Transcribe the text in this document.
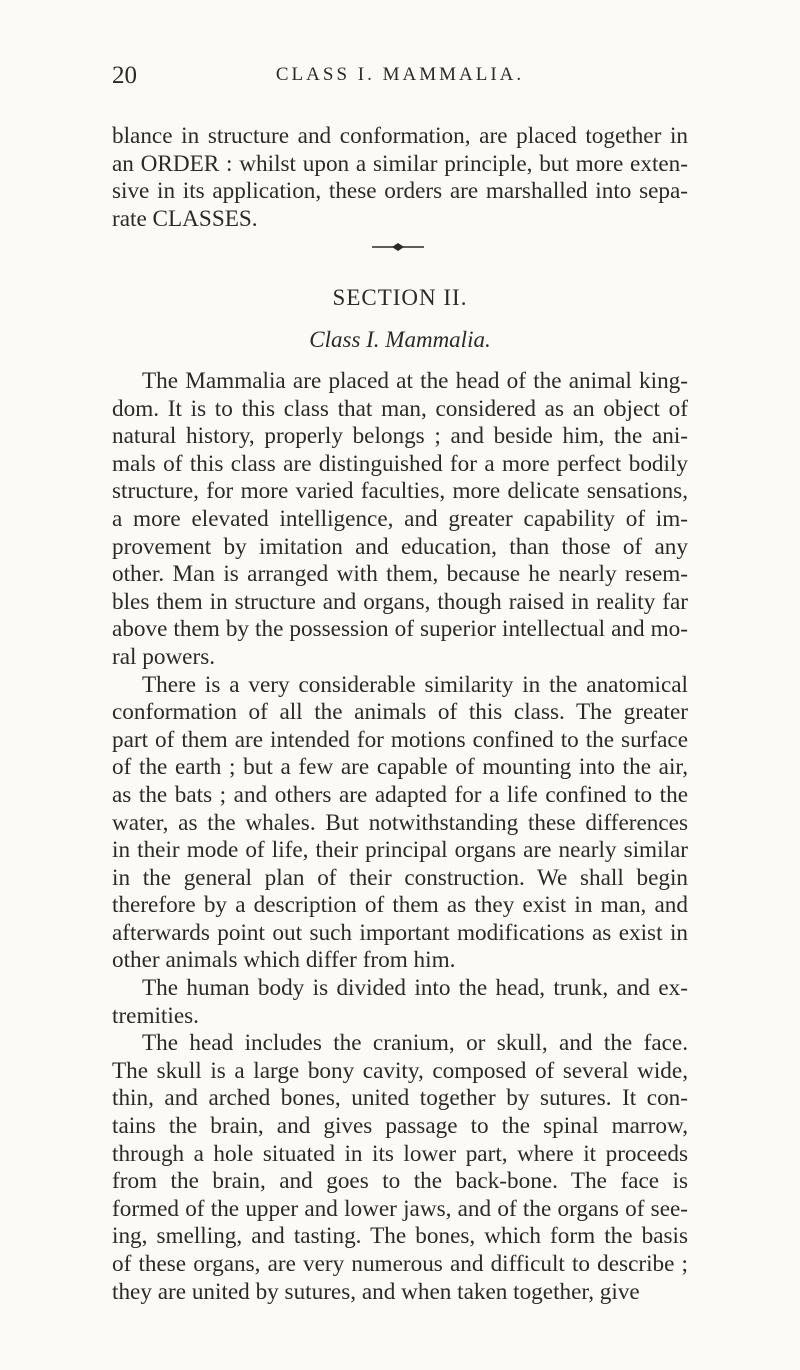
20	CLASS I. MAMMALIA.

blance in structure and conformation, are placed together in
an ORDER : whilst upon a similar principle, but more exten-
sive in its application, these orders are marshalled into sepa-
rate CLASSES.

SECTION II.
Class I. Mammalia.

The Mammalia are placed at the head of the animal king-
dom. It is to this class that man, considered as an object of
natural history, properly belongs ; and beside him, the ani-
mals of this class are distinguished for a more perfect bodily
structure, for more varied faculties, more delicate sensations,
a more elevated intelligence, and greater capability of im-
provement by imitation and education, than those of any
other. Man is arranged with them, because he nearly resem-
bles them in structure and organs, though raised in reality far
above them by the possession of superior intellectual and mo-
ral powers.

There is a very considerable similarity in the anatomical
conformation of all the animals of this class. The greater
part of them are intended for motions confined to the surface
of the earth ; but a few are capable of mounting into the air,
as the bats ; and others are adapted for a life confined to the
water, as the whales. But notwithstanding these differences
in their mode of life, their principal organs are nearly similar
in the general plan of their construction. We shall begin
therefore by a description of them as they exist in man, and
afterwards point out such important modifications as exist in
other animals which differ from him.

The human body is divided into the head, trunk, and ex-
tremities.

The head includes the cranium, or skull, and the face.
The skull is a large bony cavity, composed of several wide,
thin, and arched bones, united together by sutures. It con-
tains the brain, and gives passage to the spinal marrow,
through a hole situated in its lower part, where it proceeds
from the brain, and goes to the back-bone. The face is
formed of the upper and lower jaws, and of the organs of see-
ing, smelling, and tasting. The bones, which form the basis
of these organs, are very numerous and difficult to describe ;
they are united by sutures, and when taken together, give
